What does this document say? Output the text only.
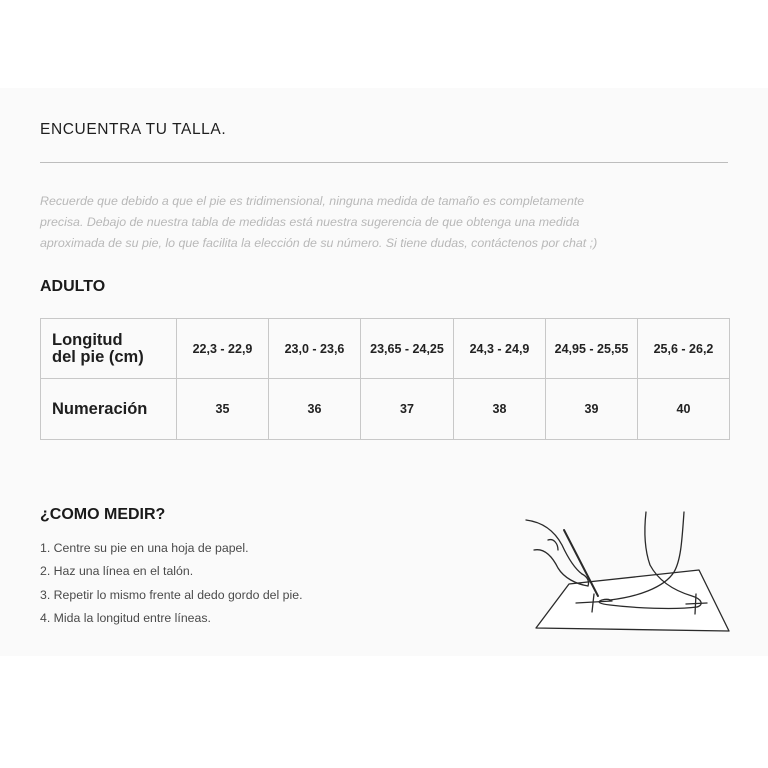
ENCUENTRA TU TALLA.

Recuerde que debido a que el pie es tridimensional, ninguna medida de tamaño es completamente
precisa. Debajo de nuestra tabla de medidas está nuestra sugerencia de que obtenga una medida
aproximada de su pie, lo que facilita la elección de su número. Si tiene dudas, contáctenos por chat ;)

ADULTO
Longitud
del pie (cm)	22,3 - 22,9	23,0 - 23,6	23,65 - 24,25	24,3 - 24,9	24,95 - 25,55	25,6 - 26,2
Numeración	35	36	37	38	39	40
¿COMO MEDIR?
1. Centre su pie en una hoja de papel.
2. Haz una línea en el talón.
3. Repetir lo mismo frente al dedo gordo del pie.
4. Mida la longitud entre líneas.
